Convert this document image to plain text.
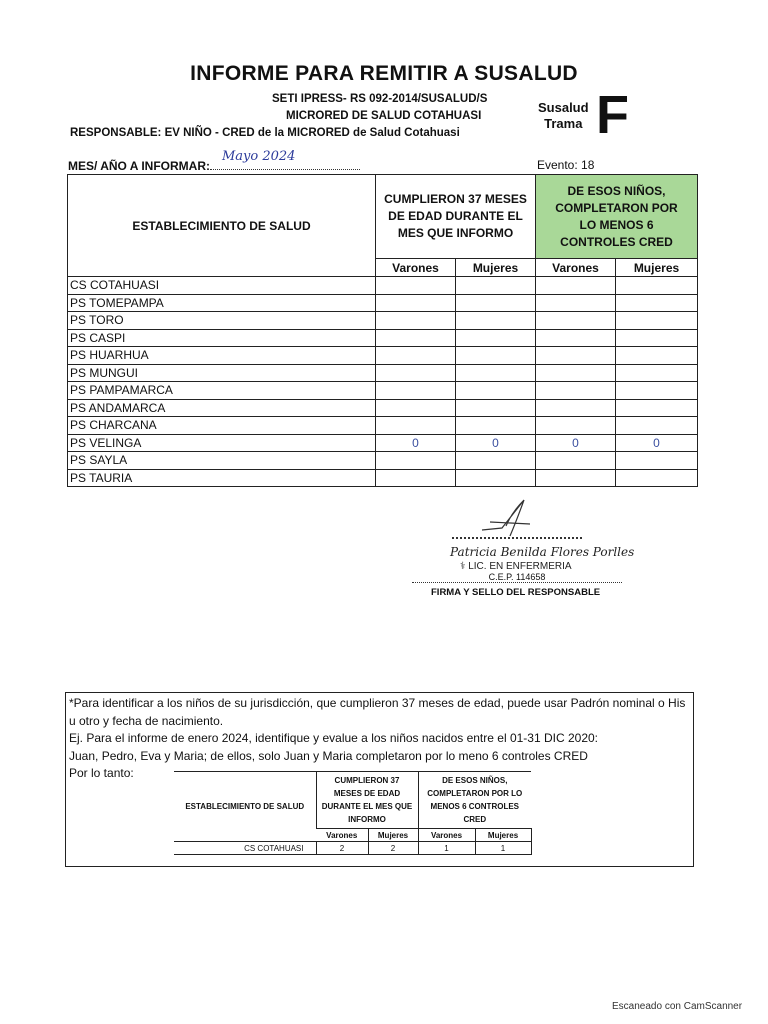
INFORME PARA REMITIR A SUSALUD
SETI IPRESS- RS 092-2014/SUSALUD/S
MICRORED DE SALUD COTAHUASI
RESPONSABLE: EV NIÑO - CRED de la MICRORED de Salud Cotahuasi
Susalud
Trama F
MES/ AÑO A INFORMAR:
Mayo 2024
Evento: 18
ESTABLECIMIENTO DE SALUD	CUMPLIERON 37 MESES DE EDAD DURANTE EL MES QUE INFORMO		DE ESOS NIÑOS, COMPLETARON POR LO MENOS 6 CONTROLES CRED	
	Varones	Mujeres	Varones	Mujeres
CS COTAHUASI				
PS TOMEPAMPA				
PS TORO				
PS CASPI				
PS HUARHUA				
PS MUNGUI				
PS PAMPAMARCA				
PS ANDAMARCA				
PS CHARCANA				
PS VELINGA	0	0	0	0
PS SAYLA				
PS TAURIA				
Patricia Benilda Flores Porlles
⚕ LIC. EN ENFERMERIA
C.E.P. 114658
FIRMA Y SELLO DEL RESPONSABLE

*Para identificar a los niños de su jurisdicción, que cumplieron 37 meses de edad, puede usar Padrón nominal o His u otro y fecha de nacimiento.

Ej. Para el informe de enero 2024, identifique y evalue a los niños nacidos entre el 01-31 DIC 2020:

Juan, Pedro, Eva y Maria; de ellos, solo Juan y Maria completaron por lo meno 6 controles CRED

Por lo tanto:

ESTABLECIMIENTO DE SALUD	CUMPLIERON 37 MESES DE EDAD DURANTE EL MES QUE INFORMO		DE ESOS NIÑOS, COMPLETARON POR LO MENOS 6 CONTROLES CRED	
	Varones	Mujeres	Varones	Mujeres
CS COTAHUASI	2	2	1	1
Escaneado con CamScanner
